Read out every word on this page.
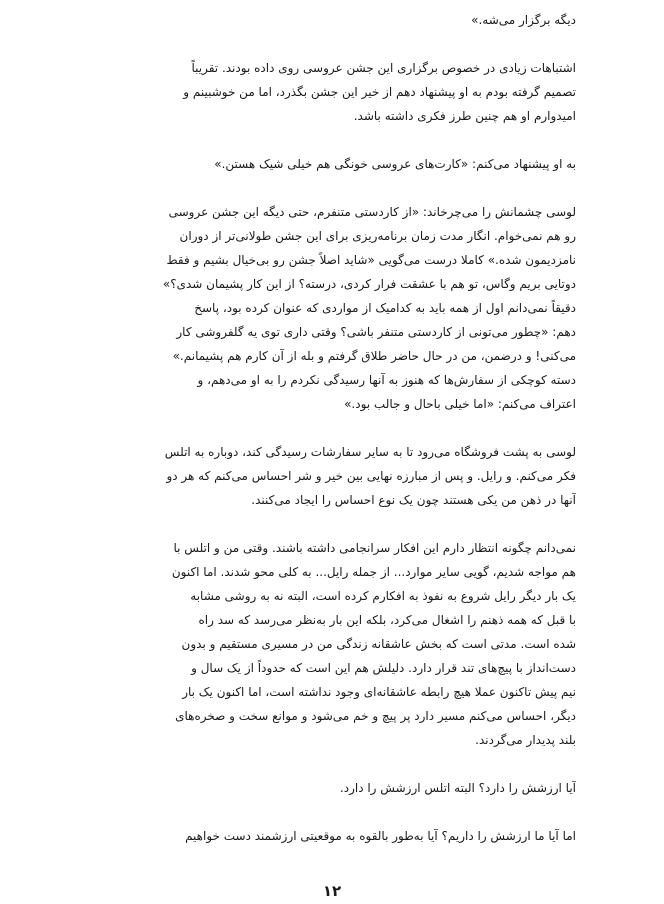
دیگه برگزار می‌شه.»
اشتباهات زیادی در خصوص برگزاری این جشن عروسی روی داده بودند. تقریباً
تصمیم گرفته بودم به او پیشنهاد دهم از خیر این جشن بگذرد، اما من خوشبینم و
امیدوارم او هم چنین طرز فکری داشته باشد.
به او پیشنهاد می‌کنم: «کارت‌های عروسی خونگی هم خیلی شیک هستن.»
لوسی چشمانش را می‌چرخاند: «از کاردستی متنفرم، حتی دیگه این جشن عروسی
رو هم نمی‌خوام. انگار مدت زمان برنامه‌ریزی برای این جشن طولانی‌تر از دوران
نامزدیمون شده.» کاملا درست می‌گویی «شاید اصلاً جشن رو بی‌خیال بشیم و فقط
دوتایی بریم وگاس، تو هم با عشقت فرار کردی، درسته؟ از این کار پشیمان شدی؟»
دقیقاً نمی‌دانم اول از همه باید به کدامیک از مواردی که عنوان کرده بود، پاسخ
دهم: «چطور می‌تونی از کاردستی متنفر باشی؟ وقتی داری توی یه گلفروشی کار
می‌کنی! و درضمن، من در حال حاضر طلاق گرفتم و بله از آن کارم هم پشیمانم.»
دسته کوچکی از سفارش‌ها که هنوز به آنها رسیدگی نکردم را به او می‌دهم، و
اعتراف می‌کنم: «اما خیلی باحال و جالب بود.»
لوسی به پشت فروشگاه می‌رود تا به سایر سفارشات رسیدگی کند، دوباره به اتلس
فکر می‌کنم. و رایل. و پس از مبارزه نهایی بین خیر و شر احساس می‌کنم که هر دو
آنها در ذهن من یکی هستند چون یک نوع احساس را ایجاد می‌کنند.
نمی‌دانم چگونه انتظار دارم این افکار سرانجامی داشته باشند. وقتی من و اتلس با
هم مواجه شدیم، گویی سایر موارد... از جمله رایل... به کلی محو شدند. اما اکنون
یک بار دیگر رایل شروع به نفوذ به افکارم کرده است، البته نه به روشی مشابه
با قبل که همه ذهنم را اشغال می‌کرد، بلکه این بار به‌نظر می‌رسد که سد راه
شده است. مدتی است که بخش عاشقانه زندگی من در مسیری مستقیم و بدون
دست‌انداز با پیچ‌های تند قرار دارد. دلیلش هم این است که حدوداً از یک سال و
نیم پیش تاکنون عملا هیچ رابطه عاشقانه‌ای وجود نداشته است، اما اکنون یک بار
دیگر، احساس می‌کنم مسیر دارد پر پیچ و خم می‌شود و موانع سخت و صخره‌های
بلند پدیدار می‌گردند.
آیا ارزشش را دارد؟ البته اتلس ارزشش را دارد.
اما آیا ما ارزشش را داریم؟ آیا به‌طور بالقوه به موقعیتی ارزشمند دست خواهیم
۱۲
